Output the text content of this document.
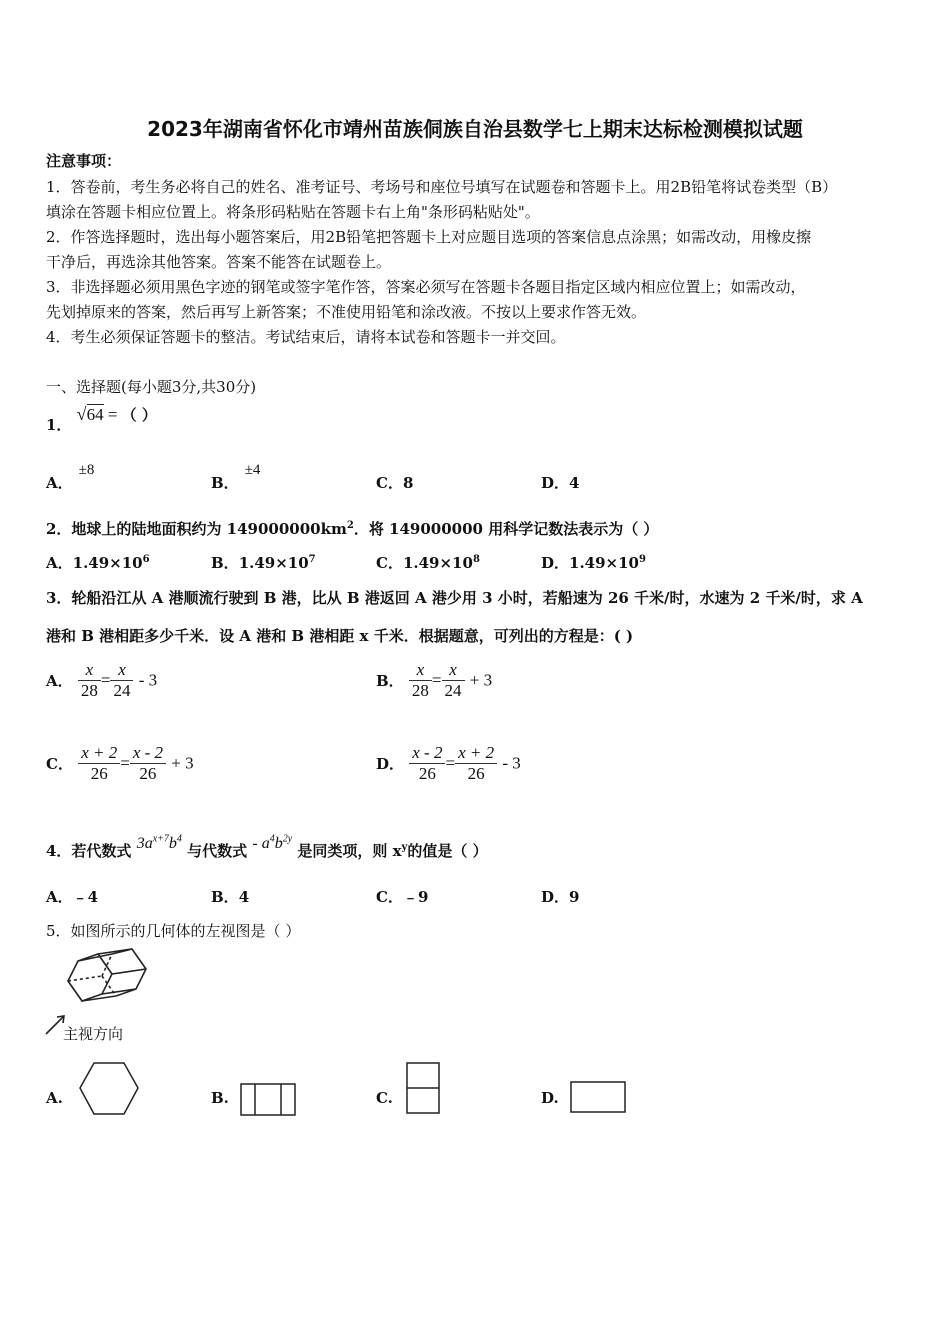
2023年湖南省怀化市靖州苗族侗族自治县数学七上期末达标检测模拟试题
注意事项：
1．答卷前，考生务必将自己的姓名、准考证号、考场号和座位号填写在试题卷和答题卡上。用2B铅笔将试卷类型（B）
填涂在答题卡相应位置上。将条形码粘贴在答题卡右上角"条形码粘贴处"。
2．作答选择题时，选出每小题答案后，用2B铅笔把答题卡上对应题目选项的答案信息点涂黑；如需改动，用橡皮擦
干净后，再选涂其他答案。答案不能答在试题卷上。
3．非选择题必须用黑色字迹的钢笔或签字笔作答，答案必须写在答题卡各题目指定区域内相应位置上；如需改动，
先划掉原来的答案，然后再写上新答案；不准使用铅笔和涂改液。不按以上要求作答无效。
4．考生必须保证答题卡的整洁。考试结束后，请将本试卷和答题卡一并交回。
一、选择题(每小题3分,共30分)
1． √64 = （ ）
A．±8
B．±4
C．8	D．4
2．地球上的陆地面积约为 $149000000km^2$．将 149000000 用科学记数法表示为（ ）
A．$1.49\times 10^6$	B．$1.49\times 10^7$	C．$1.49\times 10^8$	D．$1.49\times 10^9$
3．轮船沿江从 A 港顺流行驶到 B 港，比从 B 港返回 A 港少用 3 小时，若船速为 26 千米/时，水速为 2 千米/时，求 A
港和 B 港相距多少千米．设 A 港和 B 港相距 x 千米．根据题意，可列出的方程是：( )
A． $\frac{x}{28} = \frac{x}{24} - 3$	B． $\frac{x}{28} = \frac{x}{24} + 3$
C． $\frac{x + 2}{26} = \frac{x - 2}{26} + 3$	D． $\frac{x - 2}{26} = \frac{x + 2}{26} - 3$
4．若代数式 $3a^{x+7}b^4$ 与代数式 - $a^4b^{2y}$ 是同类项，则 $x^y$的值是（ ）
A．﹣4	B．4	C．﹣9	D．9
5．如图所示的几何体的左视图是（ ）
主视方向
A.	B.	C.	D.
